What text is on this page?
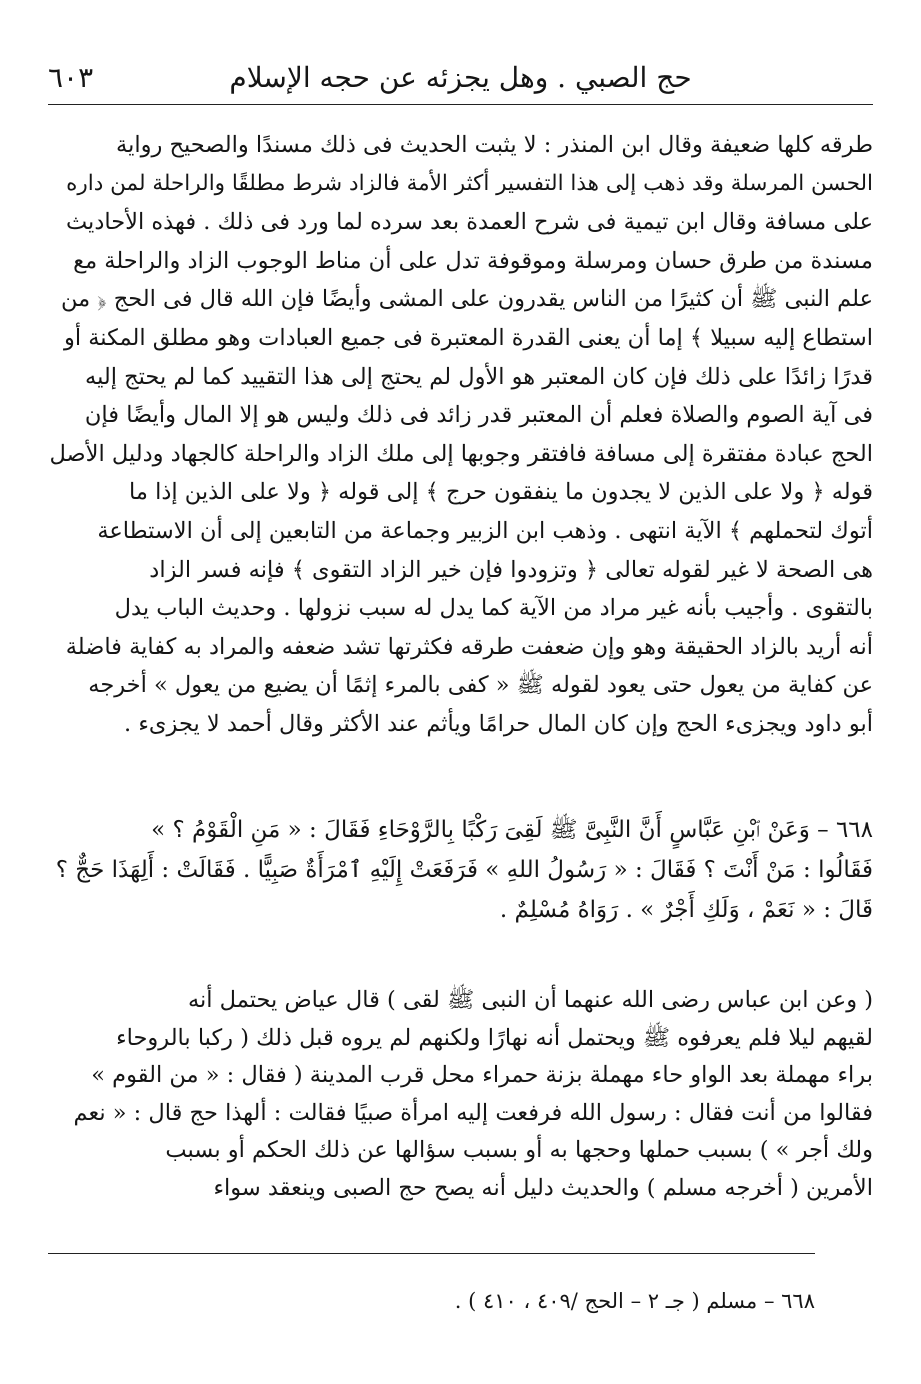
حج الصبي . وهل يجزئه عن حجه الإسلام
٦٠٣
طرقه كلها ضعيفة وقال ابن المنذر : لا يثبت الحديث فى ذلك مسندًا والصحيح رواية
الحسن المرسلة وقد ذهب إلى هذا التفسير أكثر الأمة فالزاد شرط مطلقًا والراحلة لمن داره
على مسافة وقال ابن تيمية فى شرح العمدة بعد سرده لما ورد فى ذلك . فهذه الأحاديث
مسندة من طرق حسان ومرسلة وموقوفة تدل على أن مناط الوجوب الزاد والراحلة مع
علم النبى ﷺ أن كثيرًا من الناس يقدرون على المشى وأيضًا فإن الله قال فى الحج ﴿ من
استطاع إليه سبيلا ﴾ إما أن يعنى القدرة المعتبرة فى جميع العبادات وهو مطلق المكنة أو
قدرًا زائدًا على ذلك فإن كان المعتبر هو الأول لم يحتج إلى هذا التقييد كما لم يحتج إليه
فى آية الصوم والصلاة فعلم أن المعتبر قدر زائد فى ذلك وليس هو إلا المال وأيضًا فإن
الحج عبادة مفتقرة إلى مسافة فافتقر وجوبها إلى ملك الزاد والراحلة كالجهاد ودليل الأصل
قوله ﴿ ولا على الذين لا يجدون ما ينفقون حرج ﴾ إلى قوله ﴿ ولا على الذين إذا ما
أتوك لتحملهم ﴾ الآية انتهى . وذهب ابن الزبير وجماعة من التابعين إلى أن الاستطاعة
هى الصحة لا غير لقوله تعالى ﴿ وتزودوا فإن خير الزاد التقوى ﴾ فإنه فسر الزاد
بالتقوى . وأجيب بأنه غير مراد من الآية كما يدل له سبب نزولها . وحديث الباب يدل
أنه أريد بالزاد الحقيقة وهو وإن ضعفت طرقه فكثرتها تشد ضعفه والمراد به كفاية فاضلة
عن كفاية من يعول حتى يعود لقوله ﷺ « كفى بالمرء إثمًا أن يضيع من يعول » أخرجه
أبو داود ويجزىء الحج وإن كان المال حرامًا ويأثم عند الأكثر وقال أحمد لا يجزىء .
٦٦٨ – وَعَنْ ٱبْنِ عَبَّاسٍ أَنَّ النَّبِىَّ ﷺ لَقِىَ رَكْبًا بِالرَّوْحَاءِ فَقَالَ : « مَنِ الْقَوْمُ ؟ »
فَقَالُوا : مَنْ أَنْتَ ؟ فَقَالَ : « رَسُولُ اللهِ » فَرَفَعَتْ إِلَيْهِ ٱمْرَأَةٌ صَبِيًّا . فَقَالَتْ : أَلِهَذَا حَجٌّ ؟
قَالَ : « نَعَمْ ، وَلَكِ أَجْرٌ » . رَوَاهُ مُسْلِمٌ .
( وعن ابن عباس رضى الله عنهما أن النبى ﷺ لقى ) قال عياض يحتمل أنه
لقيهم ليلا فلم يعرفوه ﷺ ويحتمل أنه نهارًا ولكنهم لم يروه قبل ذلك ( ركبا بالروحاء
براء مهملة بعد الواو حاء مهملة بزنة حمراء محل قرب المدينة ( فقال : « من القوم »
فقالوا من أنت فقال : رسول الله فرفعت إليه امرأة صبيًا فقالت : ألهذا حج قال : « نعم
ولك أجر » ) بسبب حملها وحجها به أو بسبب سؤالها عن ذلك الحكم أو بسبب
الأمرين ( أخرجه مسلم ) والحديث دليل أنه يصح حج الصبى وينعقد سواء
٦٦٨ – مسلم ( جـ ٢ – الحج /٤٠٩ ، ٤١٠ ) .
